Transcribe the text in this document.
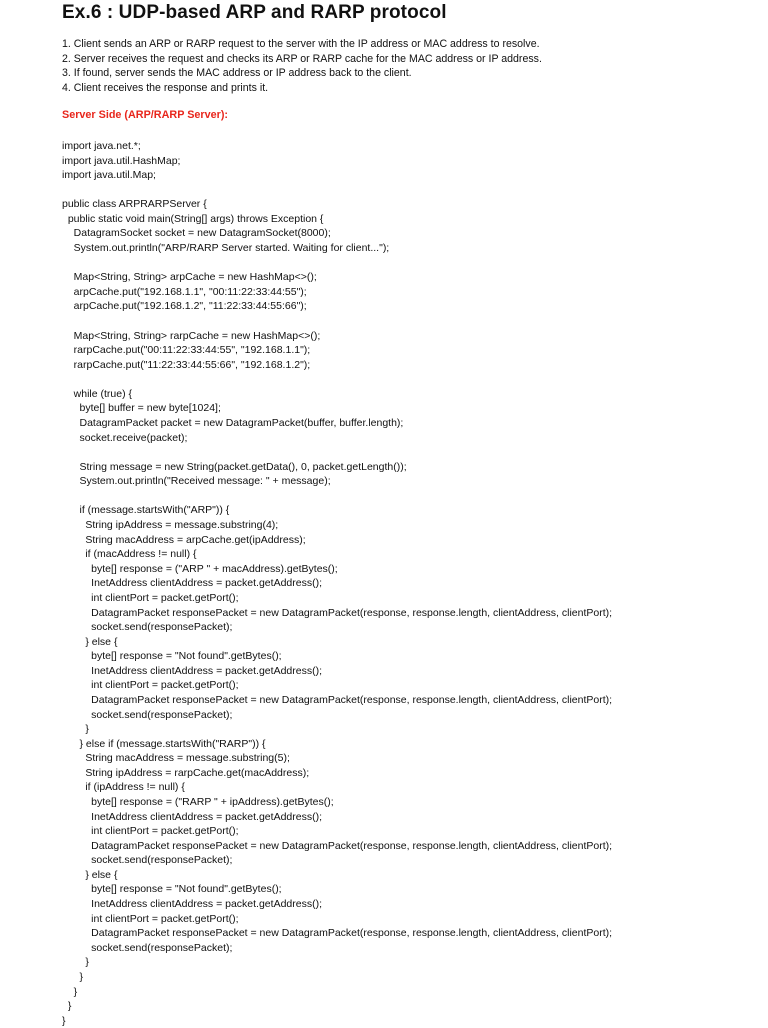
Ex.6 : UDP-based ARP and RARP protocol
1. Client sends an ARP or RARP request to the server with the IP address or MAC address to resolve.
2. Server receives the request and checks its ARP or RARP cache for the MAC address or IP address.
3. If found, server sends the MAC address or IP address back to the client.
4. Client receives the response and prints it.
Server Side (ARP/RARP Server):
import java.net.*;
import java.util.HashMap;
import java.util.Map;
public class ARPRARPServer {
public static void main(String[] args) throws Exception {
DatagramSocket socket = new DatagramSocket(8000);
System.out.println("ARP/RARP Server started. Waiting for client...");
Map<String, String> arpCache = new HashMap<>();
arpCache.put("192.168.1.1", "00:11:22:33:44:55");
arpCache.put("192.168.1.2", "11:22:33:44:55:66");
Map<String, String> rarpCache = new HashMap<>();
rarpCache.put("00:11:22:33:44:55", "192.168.1.1");
rarpCache.put("11:22:33:44:55:66", "192.168.1.2");
while (true) {
byte[] buffer = new byte[1024];
DatagramPacket packet = new DatagramPacket(buffer, buffer.length);
socket.receive(packet);
String message = new String(packet.getData(), 0, packet.getLength());
System.out.println("Received message: " + message);
if (message.startsWith("ARP")) {
String ipAddress = message.substring(4);
String macAddress = arpCache.get(ipAddress);
if (macAddress != null) {
byte[] response = ("ARP " + macAddress).getBytes();
InetAddress clientAddress = packet.getAddress();
int clientPort = packet.getPort();
DatagramPacket responsePacket = new DatagramPacket(response, response.length, clientAddress, clientPort);
socket.send(responsePacket);
} else {
byte[] response = "Not found".getBytes();
InetAddress clientAddress = packet.getAddress();
int clientPort = packet.getPort();
DatagramPacket responsePacket = new DatagramPacket(response, response.length, clientAddress, clientPort);
socket.send(responsePacket);
}
} else if (message.startsWith("RARP")) {
String macAddress = message.substring(5);
String ipAddress = rarpCache.get(macAddress);
if (ipAddress != null) {
byte[] response = ("RARP " + ipAddress).getBytes();
InetAddress clientAddress = packet.getAddress();
int clientPort = packet.getPort();
DatagramPacket responsePacket = new DatagramPacket(response, response.length, clientAddress, clientPort);
socket.send(responsePacket);
} else {
byte[] response = "Not found".getBytes();
InetAddress clientAddress = packet.getAddress();
int clientPort = packet.getPort();
DatagramPacket responsePacket = new DatagramPacket(response, response.length, clientAddress, clientPort);
socket.send(responsePacket);
}
}
}
}
}
